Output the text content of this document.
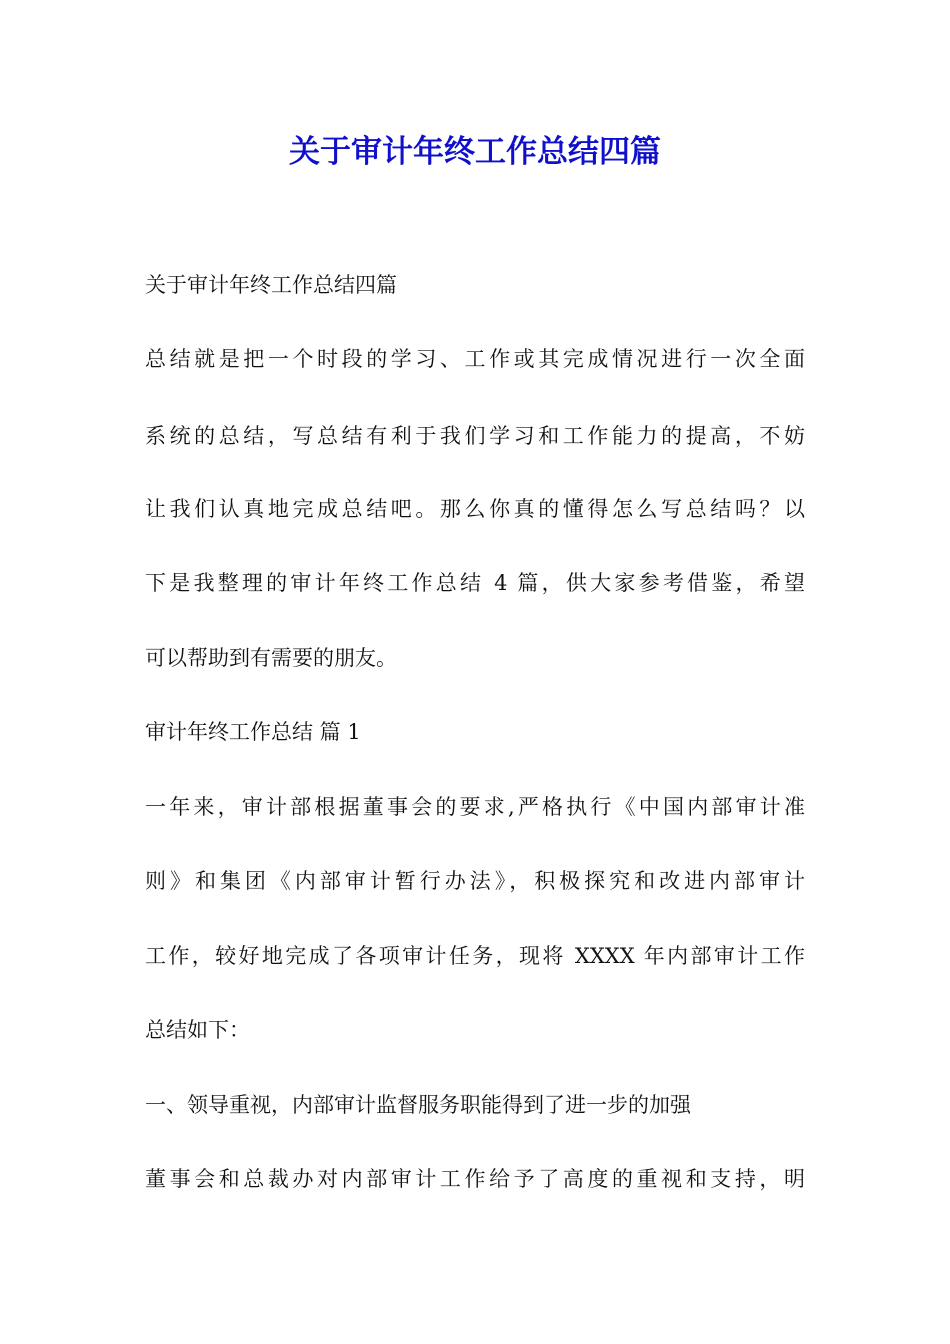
关于审计年终工作总结四篇

关于审计年终工作总结四篇

总结就是把一个时段的学习、工作或其完成情况进行一次全面

系统的总结，写总结有利于我们学习和工作能力的提高，不妨

让我们认真地完成总结吧。那么你真的懂得怎么写总结吗？以

下是我整理的审计年终工作总结 4 篇，供大家参考借鉴，希望

可以帮助到有需要的朋友。

审计年终工作总结 篇 1

一年来，审计部根据董事会的要求,严格执行《中国内部审计准

则》和集团《内部审计暂行办法》，积极探究和改进内部审计

工作，较好地完成了各项审计任务，现将 XXXX 年内部审计工作

总结如下：

一、领导重视，内部审计监督服务职能得到了进一步的加强

董事会和总裁办对内部审计工作给予了高度的重视和支持，明
